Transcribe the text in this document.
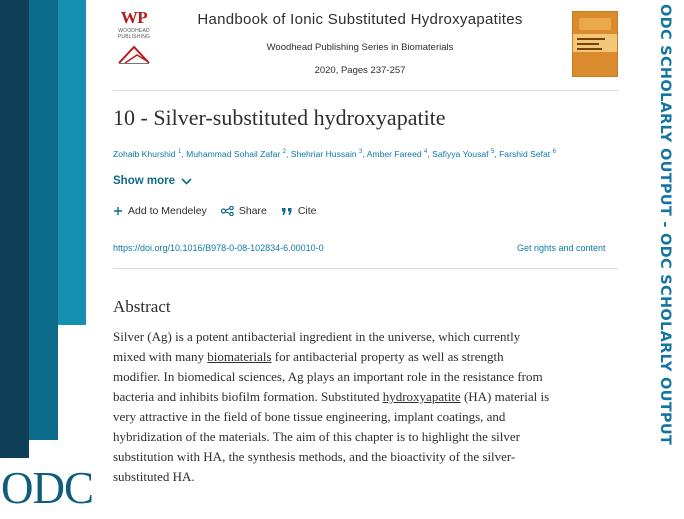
ODC
ODC SCHOLARLY OUTPUT - ODC SCHOLARLY OUTPUT
WP
WOODHEAD
PUBLISHING
Handbook of Ionic Substituted Hydroxyapatites
Woodhead Publishing Series in Biomaterials
2020, Pages 237-257
10 - Silver-substituted hydroxyapatite
Zohaib Khurshid $^1$, Muhammad Sohail Zafar $^2$, Shehriar Hussain $^3$, Amber Fareed $^4$, Safiyya Yousaf $^5$, Farshid Sefat $^6$
Show more
Add to Mendeley	Share	Cite
https://doi.org/10.1016/B978-0-08-102834-6.00010-0	Get rights and content
Abstract
Silver (Ag) is a potent antibacterial ingredient in the universe, which currently
mixed with many biomaterials for antibacterial property as well as strength
modifier. In biomedical sciences, Ag plays an important role in the resistance from
bacteria and inhibits biofilm formation. Substituted hydroxyapatite (HA) material is
very attractive in the field of bone tissue engineering, implant coatings, and
hybridization of the materials. The aim of this chapter is to highlight the silver
substitution with HA, the synthesis methods, and the bioactivity of the silver-
substituted HA.
